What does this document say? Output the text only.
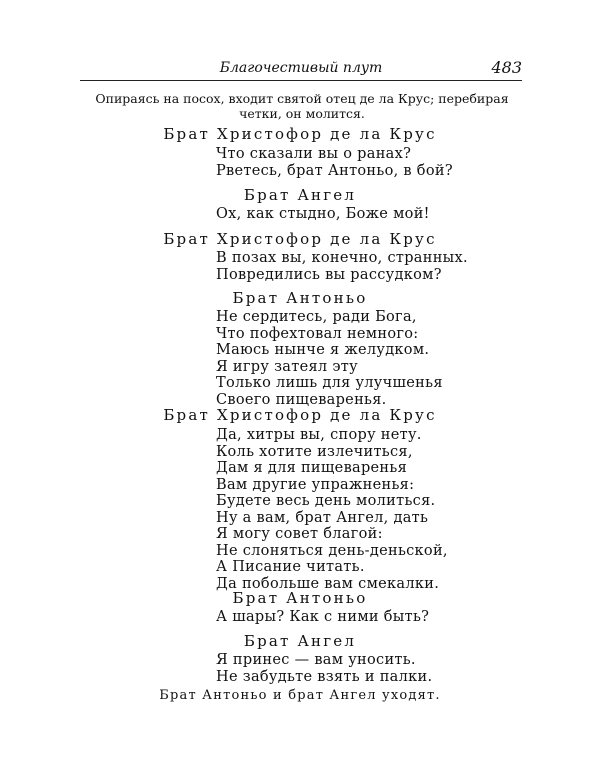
Благочестивый плут	483
Опираясь на посох, входит святой отец де ла Крус; перебирая четки, он молится.
Брат Христофор де ла Крус
Что сказали вы о ранах?
Рветесь, брат Антоньо, в бой?
Брат Ангел
Ох, как стыдно, Боже мой!
Брат Христофор де ла Крус
В позах вы, конечно, странных.
Повредились вы рассудком?
Брат Антоньо
Не сердитесь, ради Бога,
Что пофехтовал немного:
Маюсь нынче я желудком.
Я игру затеял эту
Только лишь для улучшенья
Своего пищеваренья.
Брат Христофор де ла Крус
Да, хитры вы, спору нету.
Коль хотите излечиться,
Дам я для пищеваренья
Вам другие упражненья:
Будете весь день молиться.
Ну а вам, брат Ангел, дать
Я могу совет благой:
Не слоняться день-деньской,
А Писание читать.
Да побольше вам смекалки.
Брат Антоньо
А шары? Как с ними быть?
Брат Ангел
Я принес — вам уносить.
Не забудьте взять и палки.
Брат Антоньо и брат Ангел уходят.
